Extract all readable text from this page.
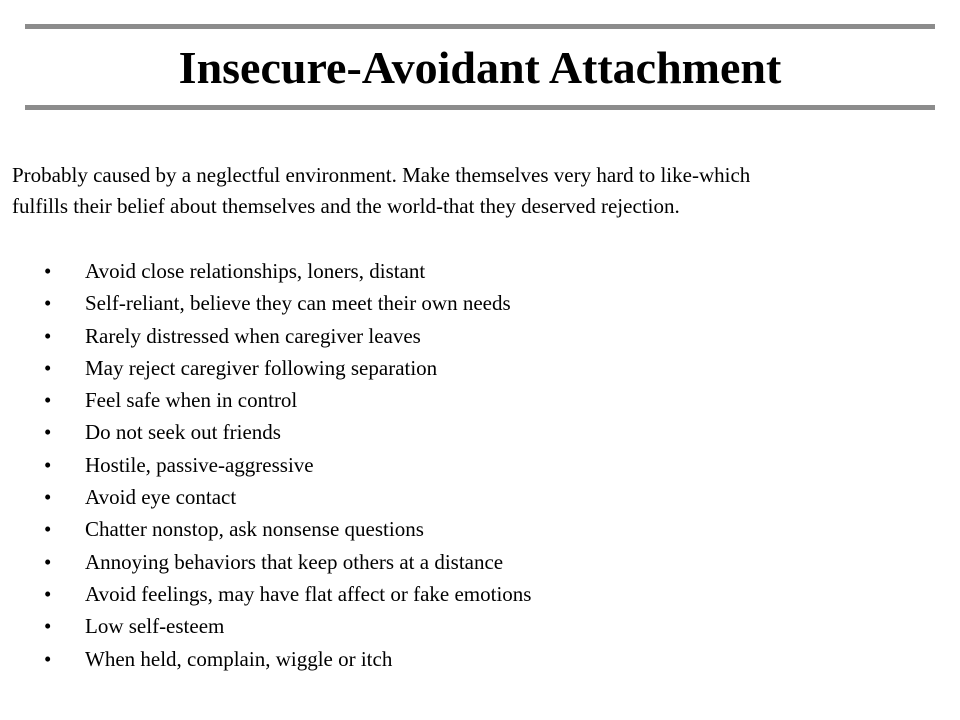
Insecure-Avoidant Attachment

Probably caused by a neglectful environment. Make themselves very hard to like-which
fulfills their belief about themselves and the world-that they deserved rejection.

• Avoid close relationships, loners, distant
• Self-reliant, believe they can meet their own needs
• Rarely distressed when caregiver leaves
• May reject caregiver following separation
• Feel safe when in control
• Do not seek out friends
• Hostile, passive-aggressive
• Avoid eye contact
• Chatter nonstop, ask nonsense questions
• Annoying behaviors that keep others at a distance
• Avoid feelings, may have flat affect or fake emotions
• Low self-esteem
• When held, complain, wiggle or itch
